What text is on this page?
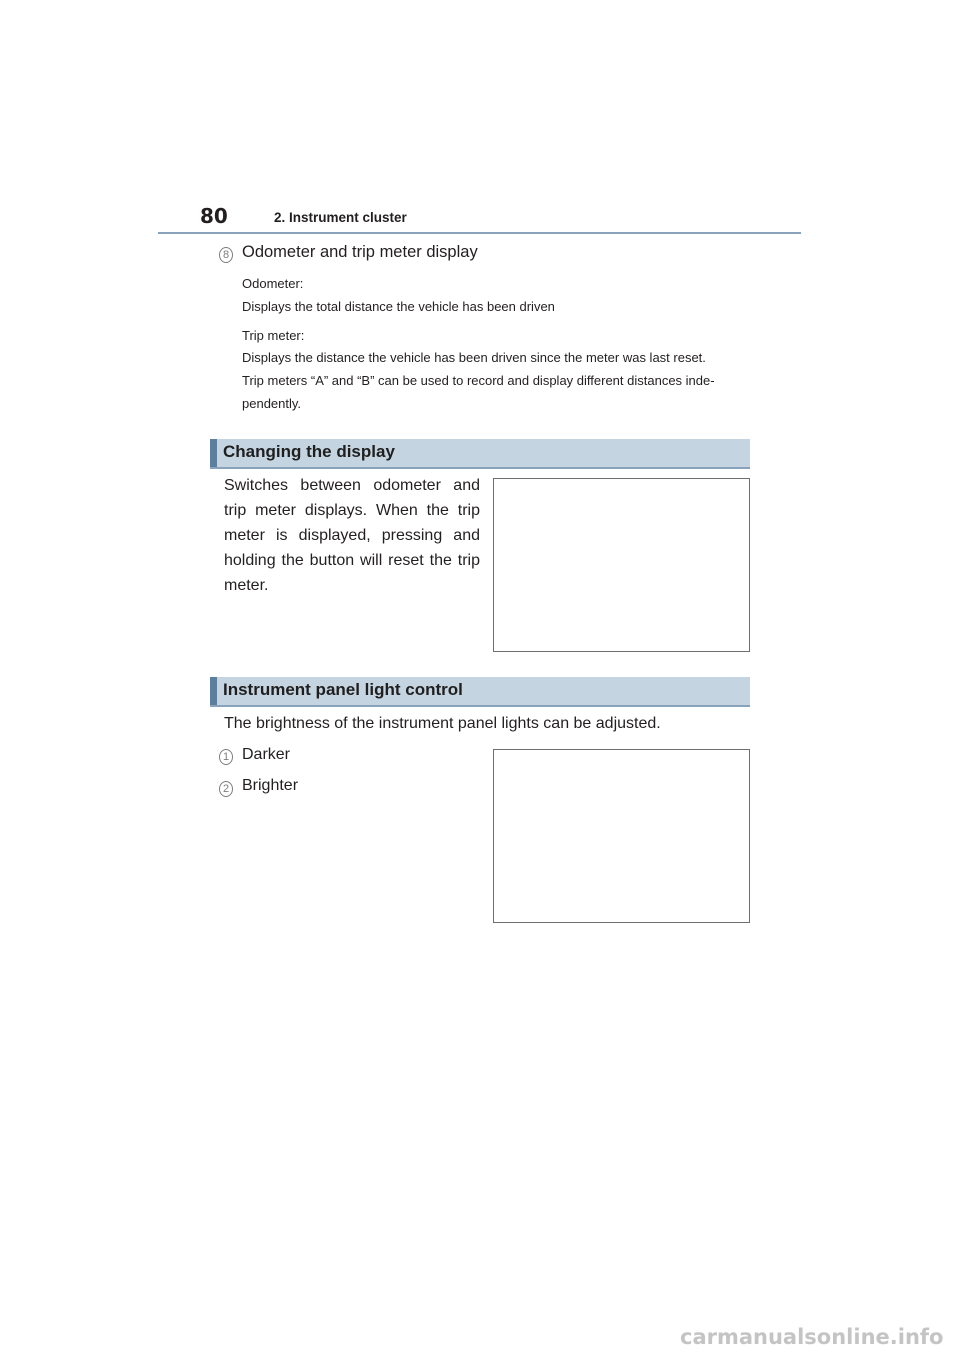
80	2. Instrument cluster
8 Odometer and trip meter display
Odometer:
Displays the total distance the vehicle has been driven
Trip meter:
Displays the distance the vehicle has been driven since the meter was last reset.
Trip meters “A” and “B” can be used to record and display different distances inde-
pendently.
Changing the display
Switches between odometer and trip meter displays. When the trip meter is displayed, pressing and holding the button will reset the trip meter.
Instrument panel light control
The brightness of the instrument panel lights can be adjusted.
1 Darker
2 Brighter
carmanualsonline.info
